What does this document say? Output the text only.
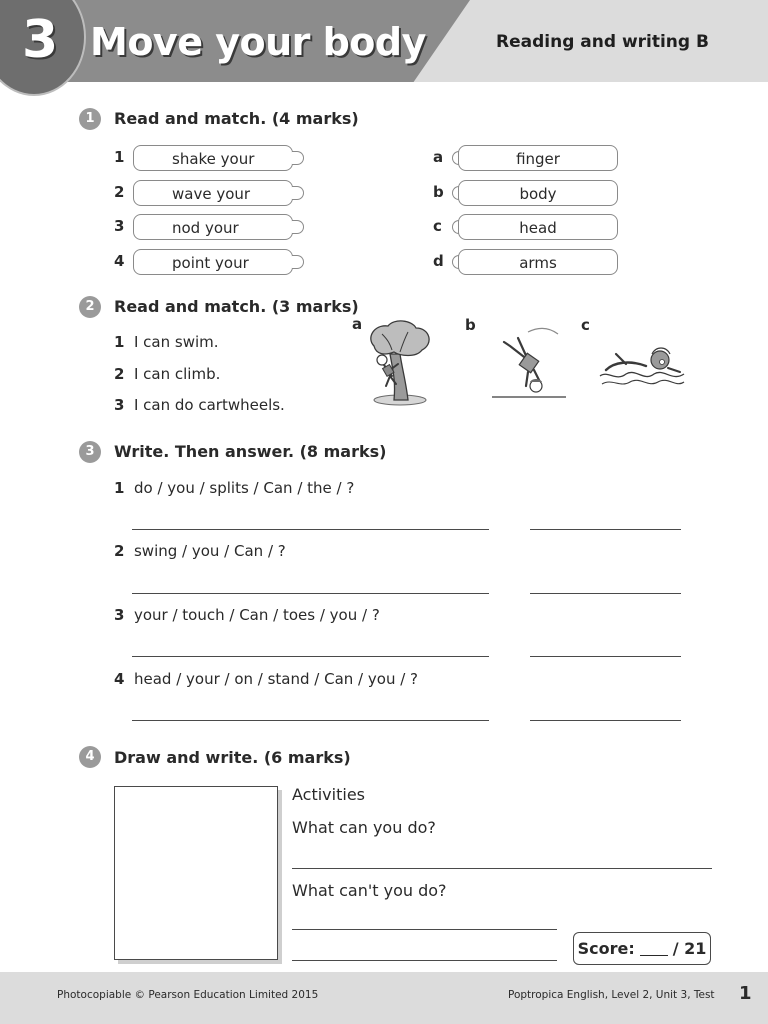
3 Move your body	Reading and writing B
1	Read and match. (4 marks)
1	shake your
2	wave your
3	nod your
4	point your
a	finger
b	body
c	head
d	arms
2	Read and match. (3 marks)
1 I can swim.
2 I can climb.
3 I can do cartwheels.
a	b	c
3	Write. Then answer. (8 marks)
1 do / you / splits / Can / the / ?
2 swing / you / Can / ?
3 your / touch / Can / toes / you / ?
4 head / your / on / stand / Can / you / ?
4	Draw and write. (6 marks)
Activities
What can you do?
What can't you do?
Score: / 21
Photocopiable © Pearson Education Limited 2015	Poptropica English, Level 2, Unit 3, Test 1
